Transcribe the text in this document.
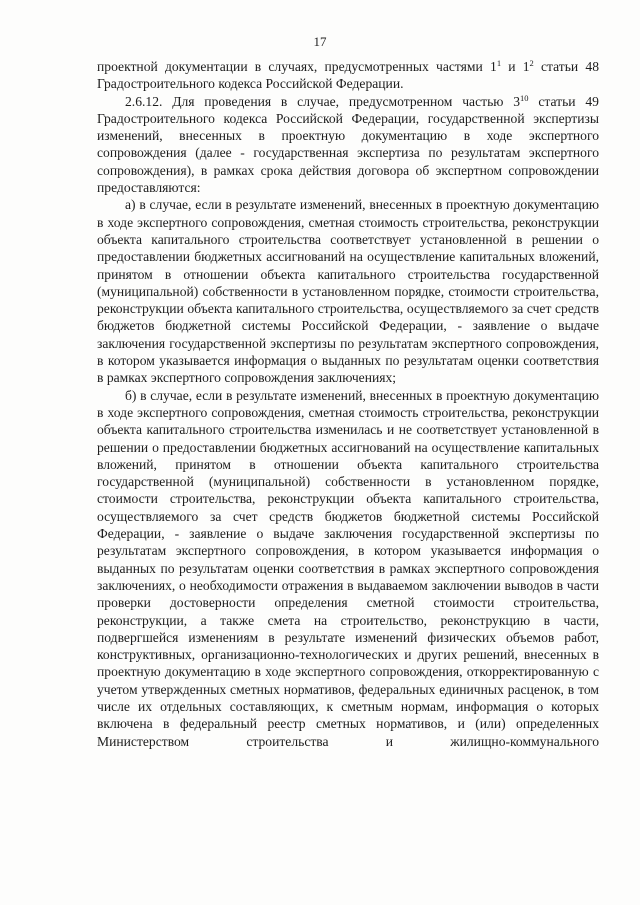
17

проектной документации в случаях, предусмотренных частями $1^1$ и $1^2$ статьи 48 Градостроительного кодекса Российской Федерации.

2.6.12. Для проведения в случае, предусмотренном частью $3^{10}$ статьи 49 Градостроительного кодекса Российской Федерации, государственной экспертизы изменений, внесенных в проектную документацию в ходе экспертного сопровождения (далее - государственная экспертиза по результатам экспертного сопровождения), в рамках срока действия договора об экспертном сопровождении предоставляются:

а) в случае, если в результате изменений, внесенных в проектную документацию в ходе экспертного сопровождения, сметная стоимость строительства, реконструкции объекта капитального строительства соответствует установленной в решении о предоставлении бюджетных ассигнований на осуществление капитальных вложений, принятом в отношении объекта капитального строительства государственной (муниципальной) собственности в установленном порядке, стоимости строительства, реконструкции объекта капитального строительства, осуществляемого за счет средств бюджетов бюджетной системы Российской Федерации, - заявление о выдаче заключения государственной экспертизы по результатам экспертного сопровождения, в котором указывается информация о выданных по результатам оценки соответствия в рамках экспертного сопровождения заключениях;

б) в случае, если в результате изменений, внесенных в проектную документацию в ходе экспертного сопровождения, сметная стоимость строительства, реконструкции объекта капитального строительства изменилась и не соответствует установленной в решении о предоставлении бюджетных ассигнований на осуществление капитальных вложений, принятом в отношении объекта капитального строительства государственной (муниципальной) собственности в установленном порядке, стоимости строительства, реконструкции объекта капитального строительства, осуществляемого за счет средств бюджетов бюджетной системы Российской Федерации, - заявление о выдаче заключения государственной экспертизы по результатам экспертного сопровождения, в котором указывается информация о выданных по результатам оценки соответствия в рамках экспертного сопровождения заключениях, о необходимости отражения в выдаваемом заключении выводов в части проверки достоверности определения сметной стоимости строительства, реконструкции, а также смета на строительство, реконструкцию в части, подвергшейся изменениям в результате изменений физических объемов работ, конструктивных, организационно-технологических и других решений, внесенных в проектную документацию в ходе экспертного сопровождения, откорректированную с учетом утвержденных сметных нормативов, федеральных единичных расценок, в том числе их отдельных составляющих, к сметным нормам, информация о которых включена в федеральный реестр сметных нормативов, и (или) определенных Министерством строительства и жилищно-коммунального
